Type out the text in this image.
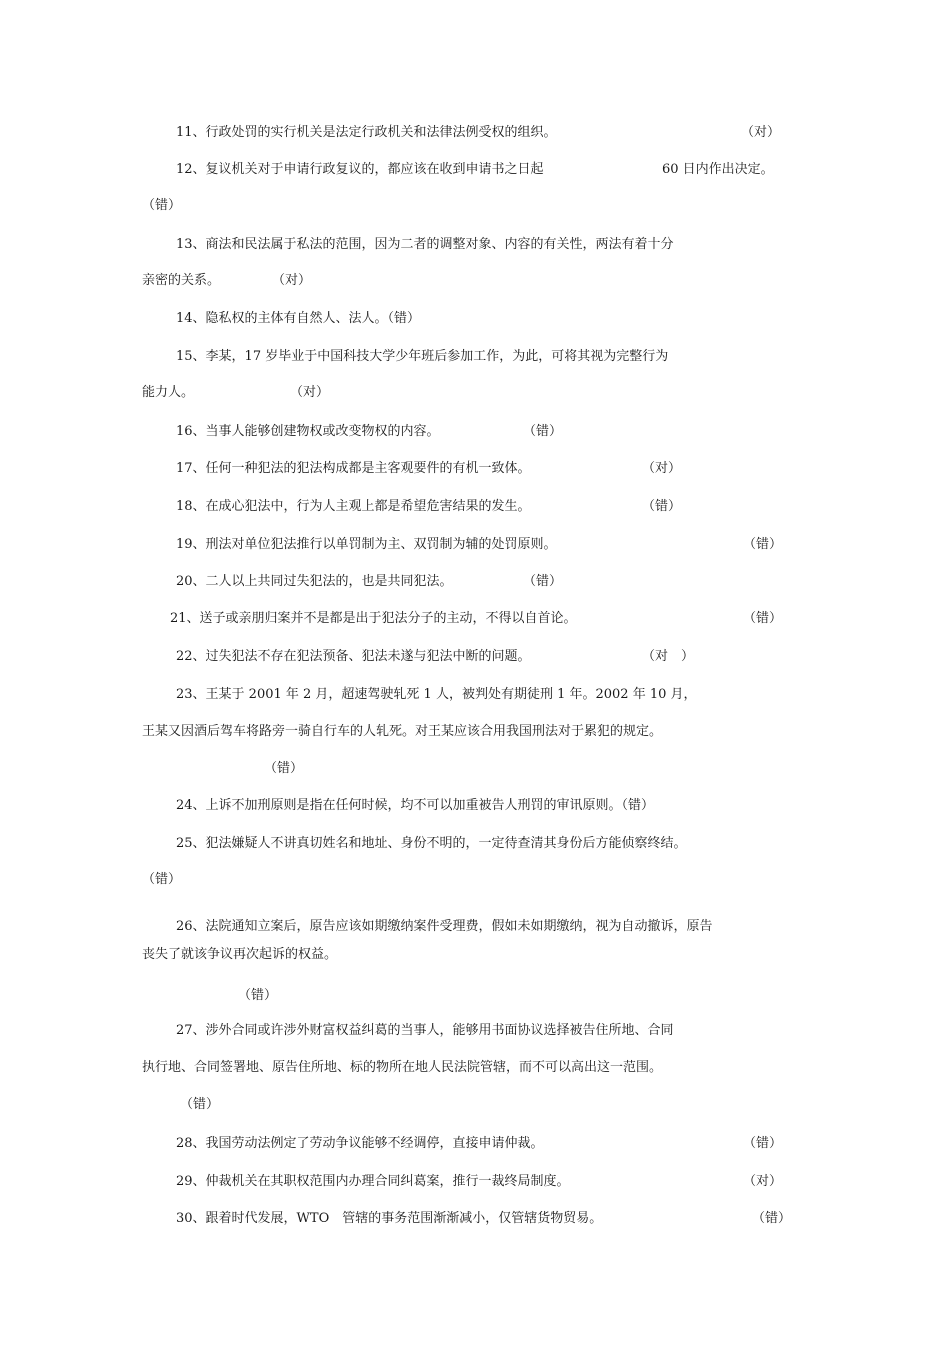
11、行政处罚的实行机关是法定行政机关和法律法例受权的组织。	（对）
12、复议机关对于申请行政复议的，都应该在收到申请书之日起	60 日内作出决定。
（错）
13、商法和民法属于私法的范围，因为二者的调整对象、内容的有关性，两法有着十分
亲密的关系。	（对）
14、隐私权的主体有自然人、法人。（错）
15、李某，17 岁毕业于中国科技大学少年班后参加工作，为此，可将其视为完整行为
能力人。	（对）
16、当事人能够创建物权或改变物权的内容。	（错）
17、任何一种犯法的犯法构成都是主客观要件的有机一致体。	（对）
18、在成心犯法中，行为人主观上都是希望危害结果的发生。	（错）
19、刑法对单位犯法推行以单罚制为主、双罚制为辅的处罚原则。	（错）
20、二人以上共同过失犯法的，也是共同犯法。	（错）
21、送子或亲朋归案并不是都是出于犯法分子的主动，不得以自首论。	（错）
22、过失犯法不存在犯法预备、犯法未遂与犯法中断的问题。	（对　）
23、王某于 2001 年 2 月，超速驾驶轧死 1 人，被判处有期徒刑 1 年。2002 年 10 月，
王某又因酒后驾车将路旁一骑自行车的人轧死。对王某应该合用我国刑法对于累犯的规定。
（错）
24、上诉不加刑原则是指在任何时候，均不可以加重被告人刑罚的审讯原则。（错）
25、犯法嫌疑人不讲真切姓名和地址、身份不明的，一定待查清其身份后方能侦察终结。
（错）
26、法院通知立案后，原告应该如期缴纳案件受理费，假如未如期缴纳，视为自动撤诉，原告
丧失了就该争议再次起诉的权益。
（错）
27、涉外合同或许涉外财富权益纠葛的当事人，能够用书面协议选择被告住所地、合同
执行地、合同签署地、原告住所地、标的物所在地人民法院管辖，而不可以高出这一范围。
（错）
28、我国劳动法例定了劳动争议能够不经调停，直接申请仲裁。	（错）
29、仲裁机关在其职权范围内办理合同纠葛案，推行一裁终局制度。	（对）
30、跟着时代发展，WTO　管辖的事务范围渐渐减小，仅管辖货物贸易。	（错）
